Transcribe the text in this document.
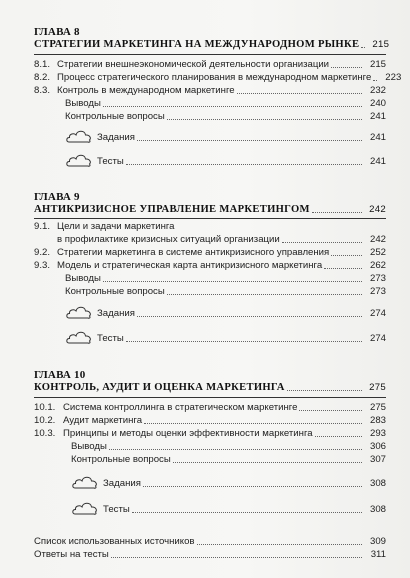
ГЛАВА 8
СТРАТЕГИИ МАРКЕТИНГА НА МЕЖДУНАРОДНОМ РЫНКЕ	215
8.1. Стратегии внешнеэкономической деятельности организации	215
8.2. Процесс стратегического планирования в международном маркетинге	223
8.3. Контроль в международном маркетинге	232
Выводы	240
Контрольные вопросы	241
Задания	241
Тесты	241
ГЛАВА 9
АНТИКРИЗИСНОЕ УПРАВЛЕНИЕ МАРКЕТИНГОМ	242
9.1. Цели и задачи маркетинга
в профилактике кризисных ситуаций организации	242
9.2. Стратегии маркетинга в системе антикризисного управления	252
9.3. Модель и стратегическая карта антикризисного маркетинга	262
Выводы	273
Контрольные вопросы	273
Задания	274
Тесты	274
ГЛАВА 10
КОНТРОЛЬ, АУДИТ И ОЦЕНКА МАРКЕТИНГА	275
10.1. Система контроллинга в стратегическом маркетинге	275
10.2. Аудит маркетинга	283
10.3. Принципы и методы оценки эффективности маркетинга	293
Выводы	306
Контрольные вопросы	307
Задания	308
Тесты	308
Список использованных источников	309
Ответы на тесты	311
